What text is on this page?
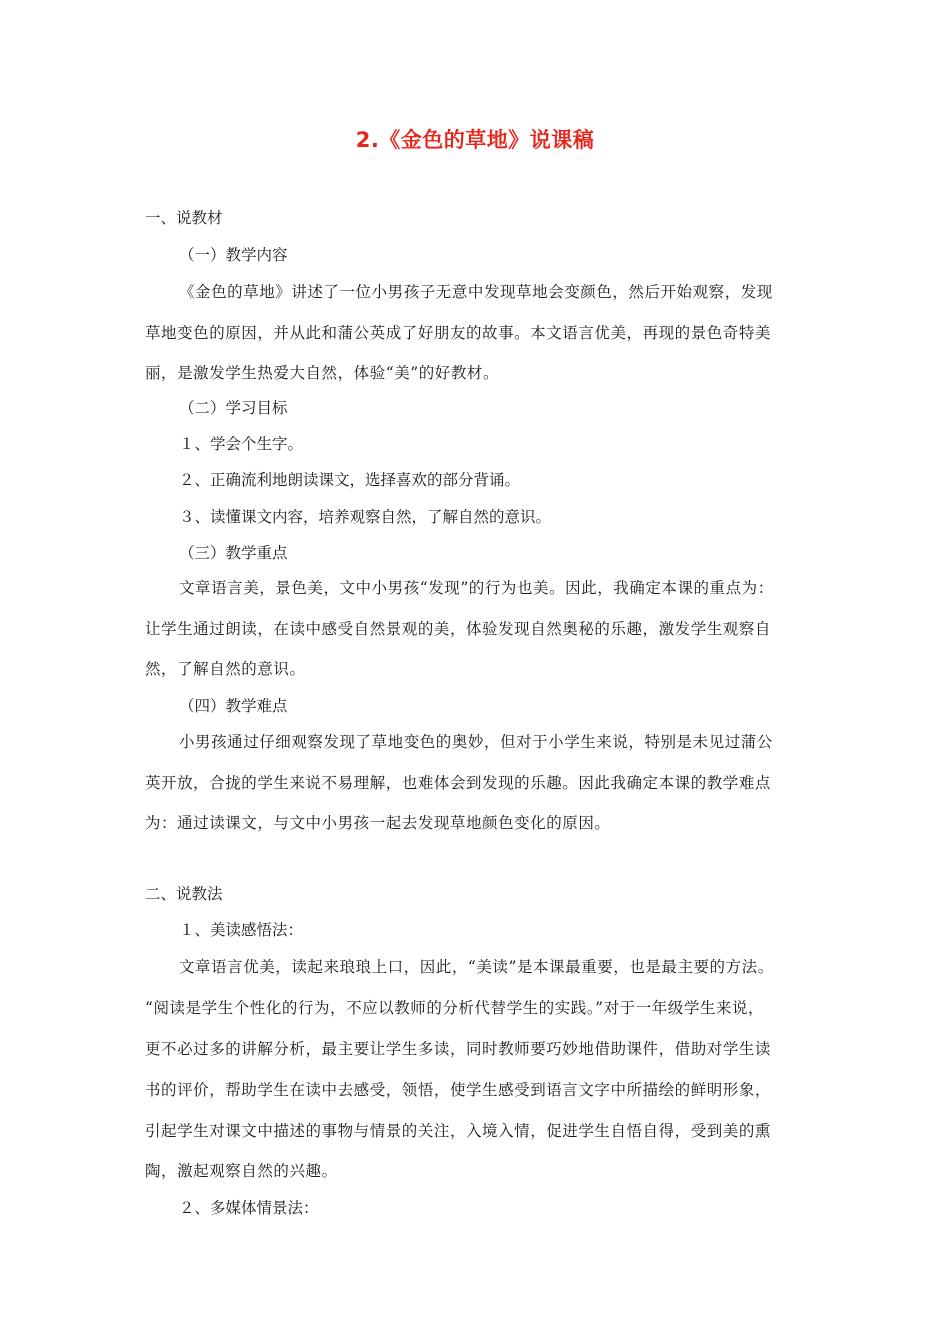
2.《金色的草地》说课稿
一、说教材
（一）教学内容
《金色的草地》讲述了一位小男孩子无意中发现草地会变颜色，然后开始观察，发现
草地变色的原因，并从此和蒲公英成了好朋友的故事。本文语言优美，再现的景色奇特美
丽，是激发学生热爱大自然，体验“美”的好教材。
（二）学习目标
１、学会个生字。
２、正确流利地朗读课文，选择喜欢的部分背诵。
３、读懂课文内容，培养观察自然，了解自然的意识。
（三）教学重点
文章语言美，景色美，文中小男孩“发现”的行为也美。因此，我确定本课的重点为：
让学生通过朗读，在读中感受自然景观的美，体验发现自然奥秘的乐趣，激发学生观察自
然，了解自然的意识。
（四）教学难点
小男孩通过仔细观察发现了草地变色的奥妙，但对于小学生来说，特别是未见过蒲公
英开放，合拢的学生来说不易理解，也难体会到发现的乐趣。因此我确定本课的教学难点
为：通过读课文，与文中小男孩一起去发现草地颜色变化的原因。
二、说教法
１、美读感悟法：
文章语言优美，读起来琅琅上口，因此，“美读”是本课最重要，也是最主要的方法。
“阅读是学生个性化的行为，不应以教师的分析代替学生的实践。”对于一年级学生来说，
更不必过多的讲解分析，最主要让学生多读，同时教师要巧妙地借助课件，借助对学生读
书的评价，帮助学生在读中去感受，领悟，使学生感受到语言文字中所描绘的鲜明形象，
引起学生对课文中描述的事物与情景的关注，入境入情，促进学生自悟自得，受到美的熏
陶，激起观察自然的兴趣。
２、多媒体情景法：
